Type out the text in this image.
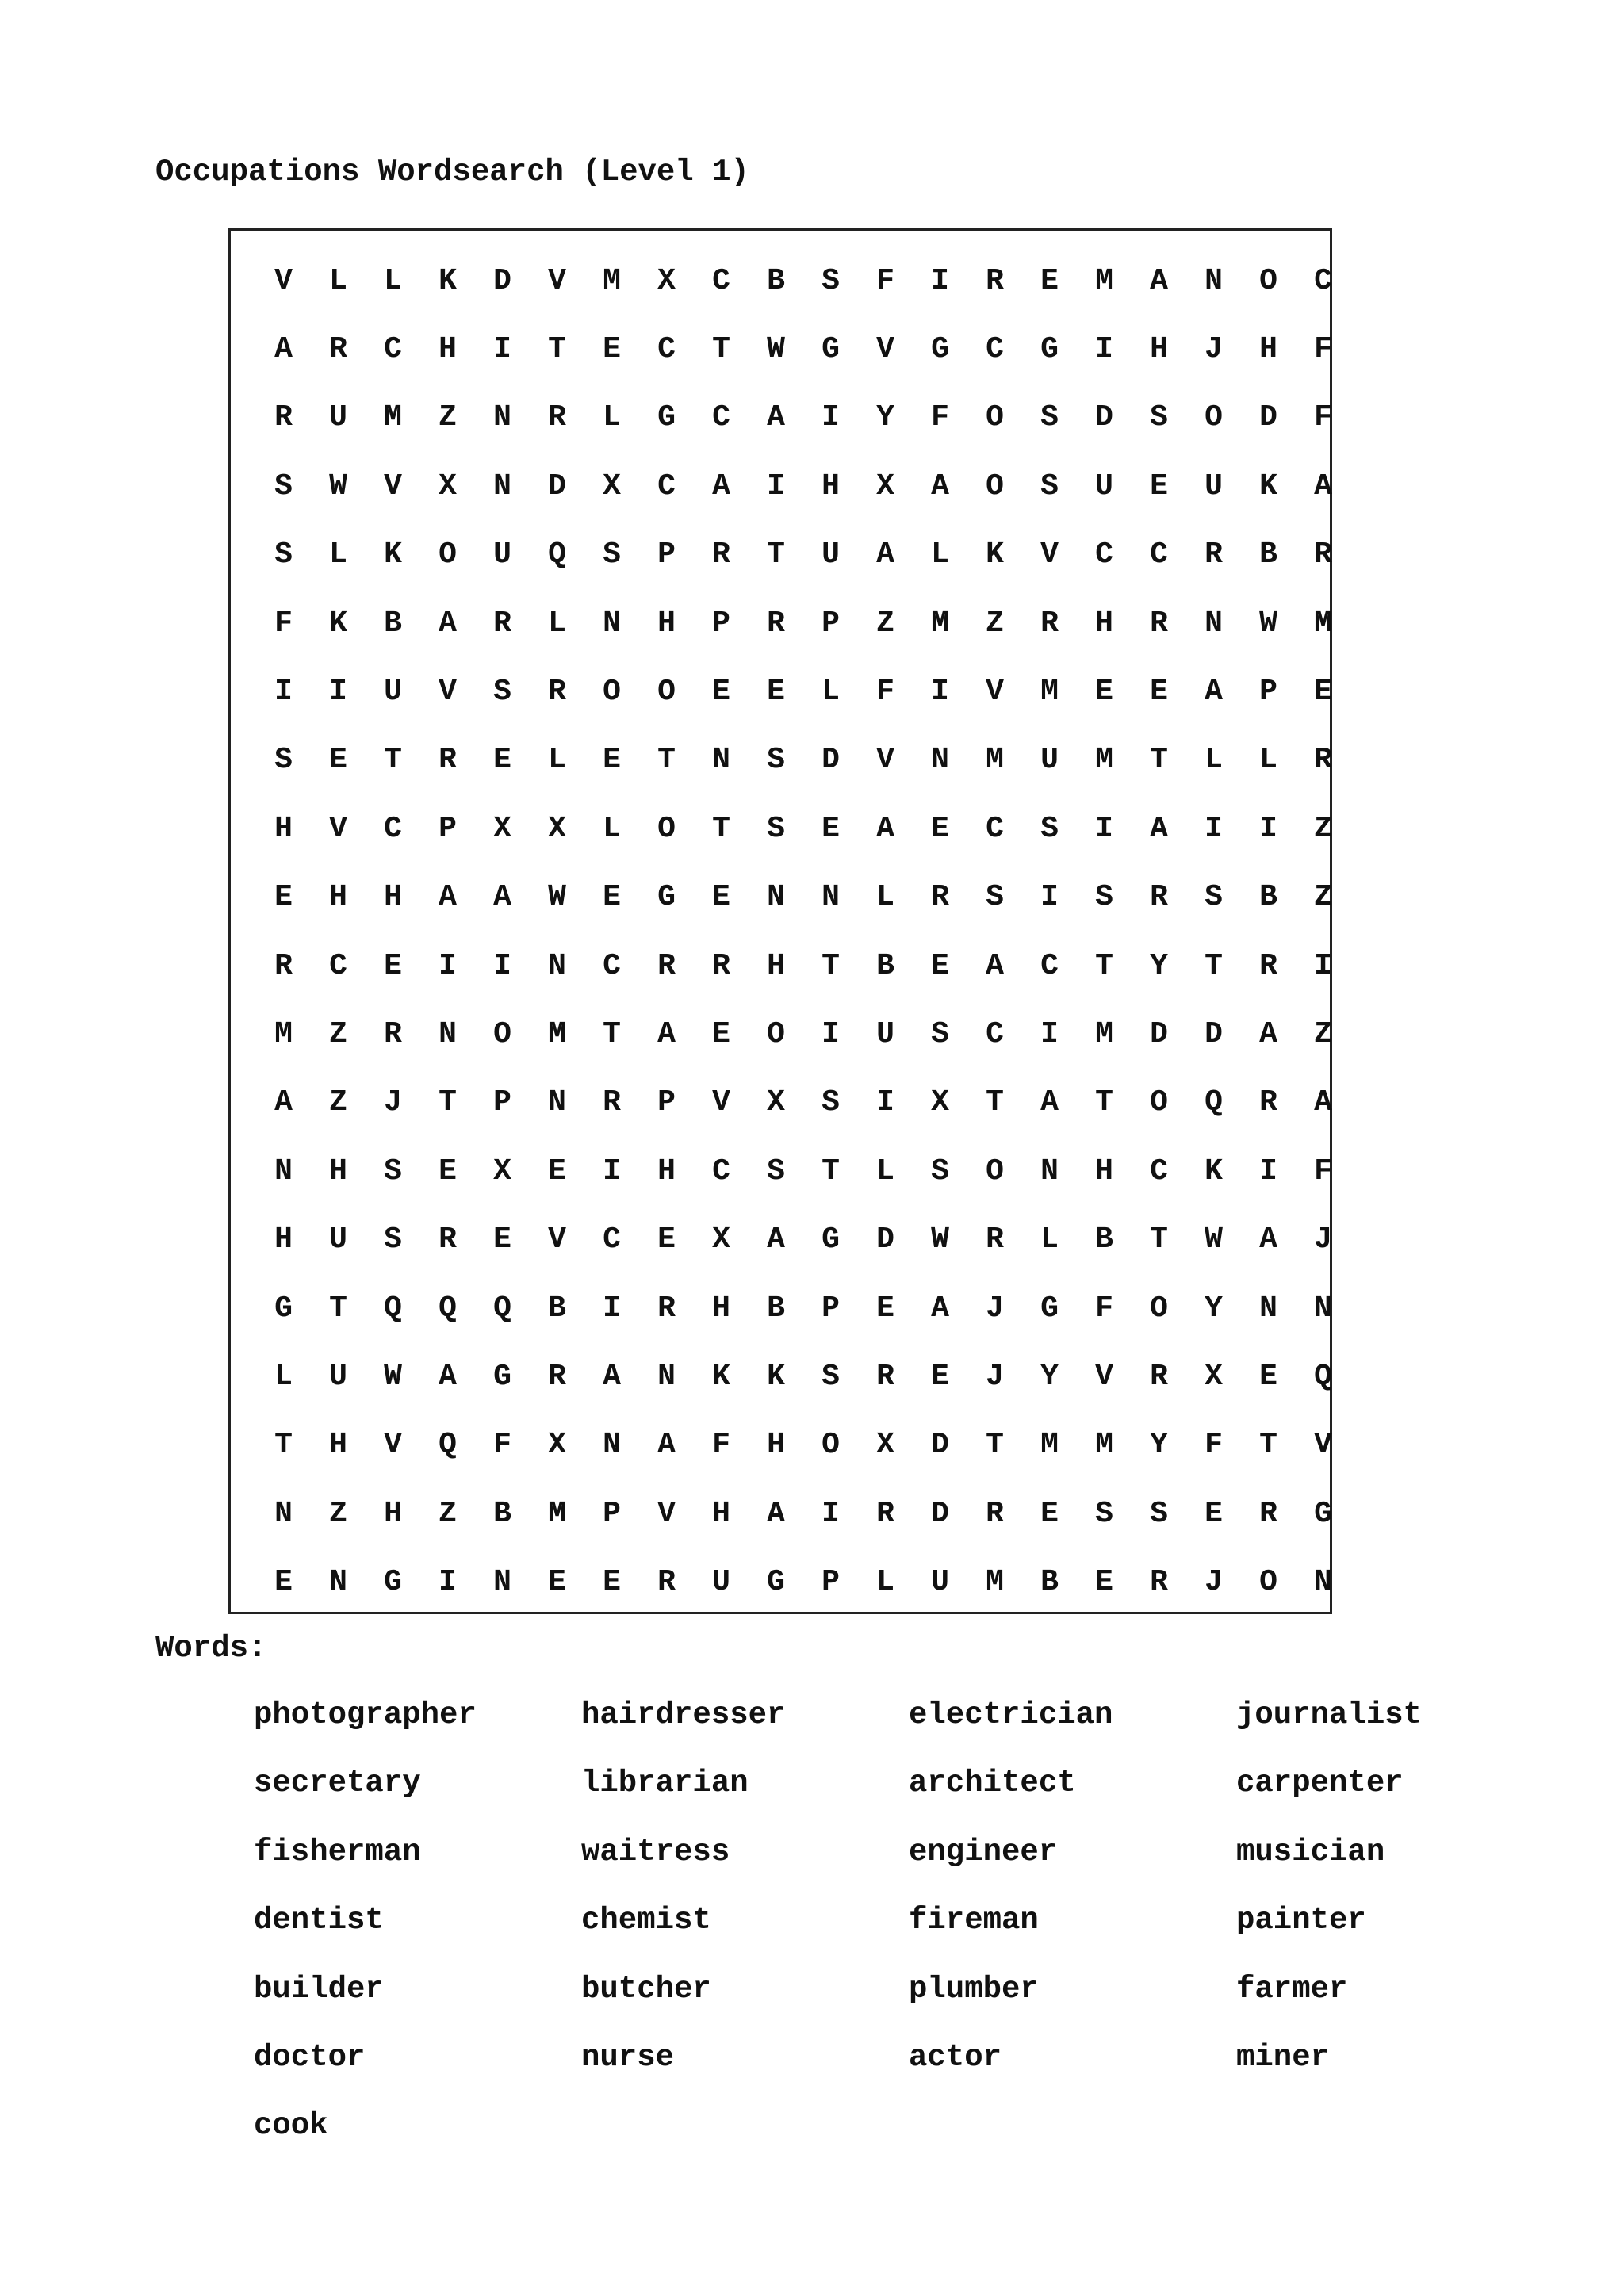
Occupations Wordsearch (Level 1)
V	L	L	K	D	V	M	X	C	B	S	F	I	R	E	M	A	N	O	C
A	R	C	H	I	T	E	C	T	W	G	V	G	C	G	I	H	J	H	F
R	U	M	Z	N	R	L	G	C	A	I	Y	F	O	S	D	S	O	D	F
S	W	V	X	N	D	X	C	A	I	H	X	A	O	S	U	E	U	K	A
S	L	K	O	U	Q	S	P	R	T	U	A	L	K	V	C	C	R	B	R
F	K	B	A	R	L	N	H	P	R	P	Z	M	Z	R	H	R	N	W	M
I	I	U	V	S	R	O	O	E	E	L	F	I	V	M	E	E	A	P	E
S	E	T	R	E	L	E	T	N	S	D	V	N	M	U	M	T	L	L	R
H	V	C	P	X	X	L	O	T	S	E	A	E	C	S	I	A	I	I	Z
E	H	H	A	A	W	E	G	E	N	N	L	R	S	I	S	R	S	B	Z
R	C	E	I	I	N	C	R	R	H	T	B	E	A	C	T	Y	T	R	I
M	Z	R	N	O	M	T	A	E	O	I	U	S	C	I	M	D	D	A	Z
A	Z	J	T	P	N	R	P	V	X	S	I	X	T	A	T	O	Q	R	A
N	H	S	E	X	E	I	H	C	S	T	L	S	O	N	H	C	K	I	F
H	U	S	R	E	V	C	E	X	A	G	D	W	R	L	B	T	W	A	J
G	T	Q	Q	Q	B	I	R	H	B	P	E	A	J	G	F	O	Y	N	N
L	U	W	A	G	R	A	N	K	K	S	R	E	J	Y	V	R	X	E	Q
T	H	V	Q	F	X	N	A	F	H	O	X	D	T	M	M	Y	F	T	V
N	Z	H	Z	B	M	P	V	H	A	I	R	D	R	E	S	S	E	R	G
E	N	G	I	N	E	E	R	U	G	P	L	U	M	B	E	R	J	O	N
Words:
photographer	hairdresser	electrician	journalist
secretary	librarian	architect	carpenter
fisherman	waitress	engineer	musician
dentist	chemist	fireman	painter
builder	butcher	plumber	farmer
doctor	nurse	actor	miner
cook
